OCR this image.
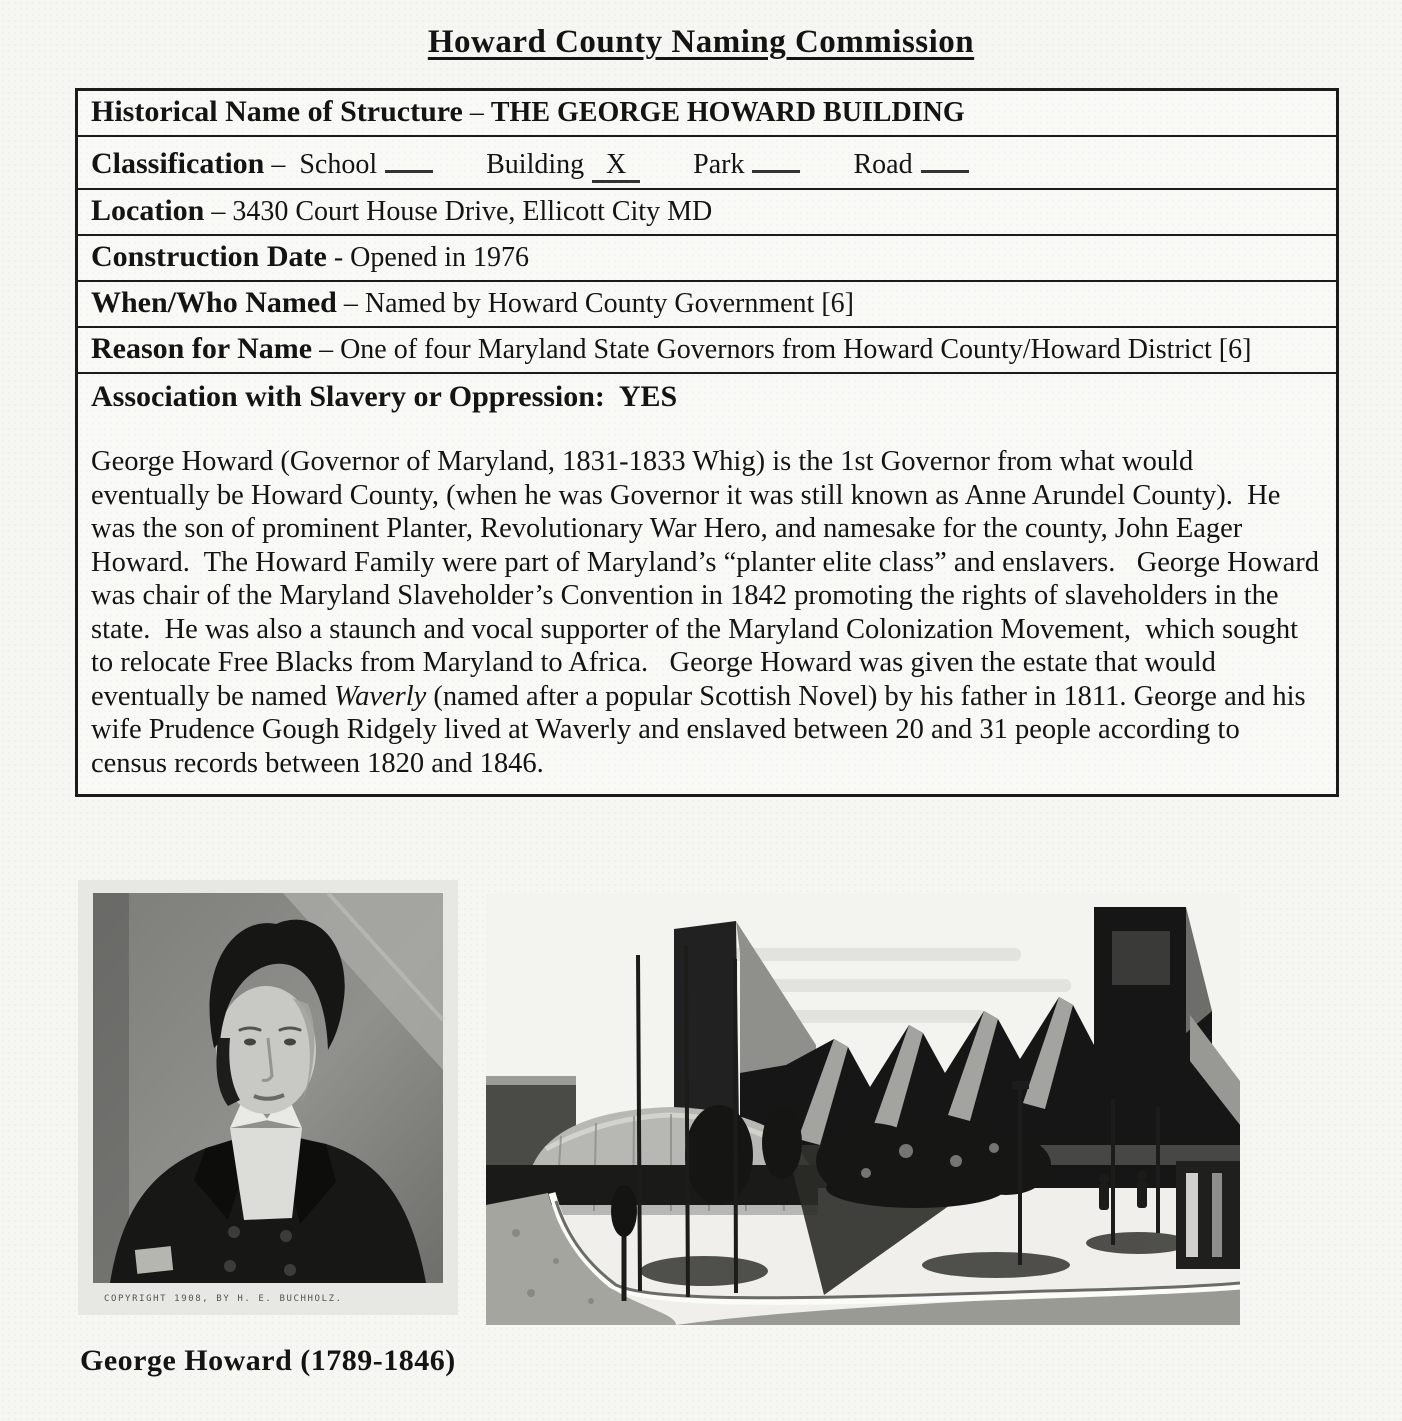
Howard County Naming Commission
Historical Name of Structure – THE GEORGE HOWARD BUILDING
Classification – School	Building X Park	Road
Location – 3430 Court House Drive, Ellicott City MD
Construction Date - Opened in 1976
When/Who Named – Named by Howard County Government [6]
Reason for Name – One of four Maryland State Governors from Howard County/Howard District [6]

Association with Slavery or Oppression:  YES

George Howard (Governor of Maryland, 1831-1833 Whig) is the 1st Governor from what would eventually be Howard County, (when he was Governor it was still known as Anne Arundel County).  He was the son of prominent Planter, Revolutionary War Hero, and namesake for the county, John Eager Howard.  The Howard Family were part of Maryland’s “planter elite class” and enslavers.   George Howard was chair of the Maryland Slaveholder’s Convention in 1842 promoting the rights of slaveholders in the state.  He was also a staunch and vocal supporter of the Maryland Colonization Movement,  which sought to relocate Free Blacks from Maryland to Africa.   George Howard was given the estate that would eventually be named Waverly (named after a popular Scottish Novel) by his father in 1811. George and his wife Prudence Gough Ridgely lived at Waverly and enslaved between 20 and 31 people according to census records between 1820 and 1846.

COPYRIGHT 1908, BY H. E. BUCHHOLZ.
George Howard (1789-1846)
